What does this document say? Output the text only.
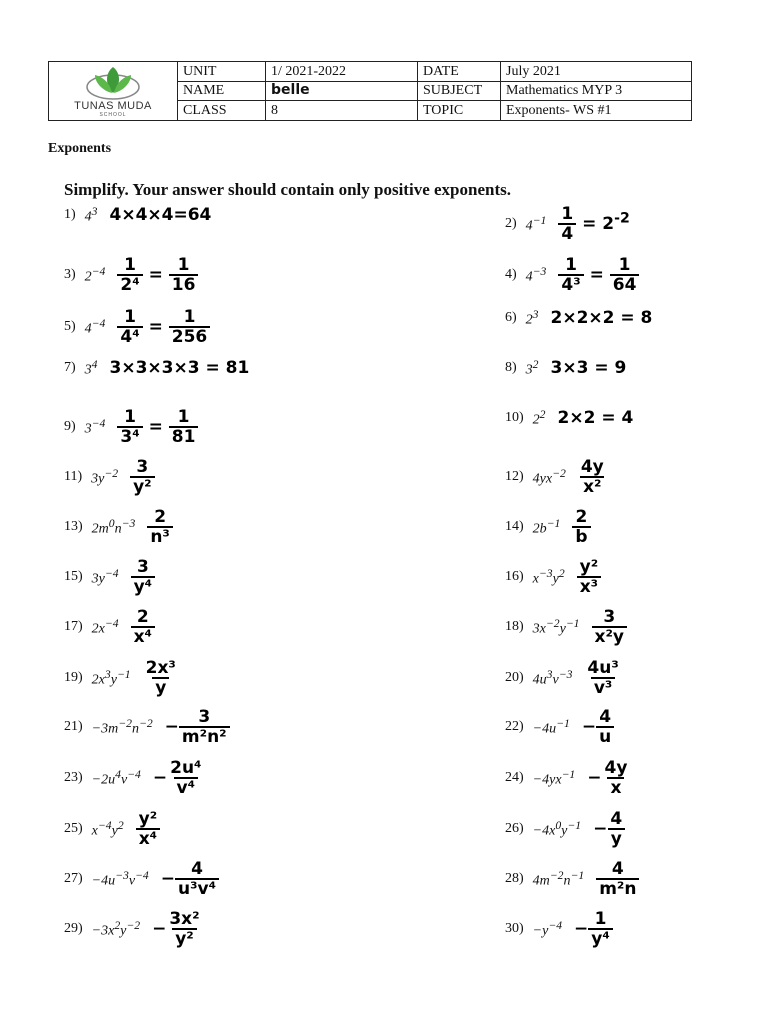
TUNAS MUDA
SCHOOL	UNIT	1/ 2021-2022	DATE	July 2021
	NAME	belle	SUBJECT	Mathematics MYP 3
	CLASS	8	TOPIC	Exponents- WS #1
Exponents
Simplify. Your answer should contain only positive exponents.
1) $4^3$ 4×4×4=64	2) $4^{-1} \frac{1}{4} = 2^{-2}$
3) $2^{-4} \frac{1}{\text{2⁴}} = \frac{1}{16}$	4) $4^{-3} \frac{1}{\text{4³}} = \frac{1}{64}$
5) $4^{-4} \frac{1}{\text{4⁴}} = \frac{1}{256}$	6) $2^3$ 2×2×2 = 8
7) $3^4$ 3×3×3×3 = 81	8) $3^2$ 3×3 = 9
9) $3^{-4} \frac{1}{\text{3⁴}} = \frac{1}{81}$	10) $2^2$ 2×2 = 4
11) $3y^{-2} \frac{3}{\text{y²}}$	12) $4yx^{-2} \frac{4y}{\text{x²}}$
13) $2m^0n^{-3} \frac{2}{\text{n³}}$	14) $2b^{-1} \frac{2}{b}$
15) $3y^{-4} \frac{3}{\text{y⁴}}$	16) $x^{-3}y^2 \frac{\text{y²}}{\text{x³}}$
17) $2x^{-4} \frac{2}{\text{x⁴}}$	18) $3x^{-2}y^{-1} \frac{3}{\text{x²y}}$
19) $2x^3y^{-1} \frac{\text{2x³}}{y}$	20) $4u^3v^{-3} \frac{\text{4u³}}{\text{v³}}$
$21) -3m^{-2}n^{-2} - \frac{3}{\text{m²n²}}$	$22) -4u^{-1} - \frac{4}{u}$
$23) -2u^4v^{-4} - \frac{\text{2u⁴}}{\text{v⁴}}$	$24) -4yx^{-1} - \frac{4y}{x}$
25) $x^{-4}y^2 \frac{\text{y²}}{\text{x⁴}}$	$26) -4x^0y^{-1} - \frac{4}{y}$
$27) -4u^{-3}v^{-4} - \frac{4}{\text{u³v⁴}}$	28) $4m^{-2}n^{-1} \frac{4}{\text{m²n}}$
$29) -3x^2y^{-2} - \frac{\text{3x²}}{\text{y²}}$	$30) -y^{-4} - \frac{1}{\text{y⁴}}$
